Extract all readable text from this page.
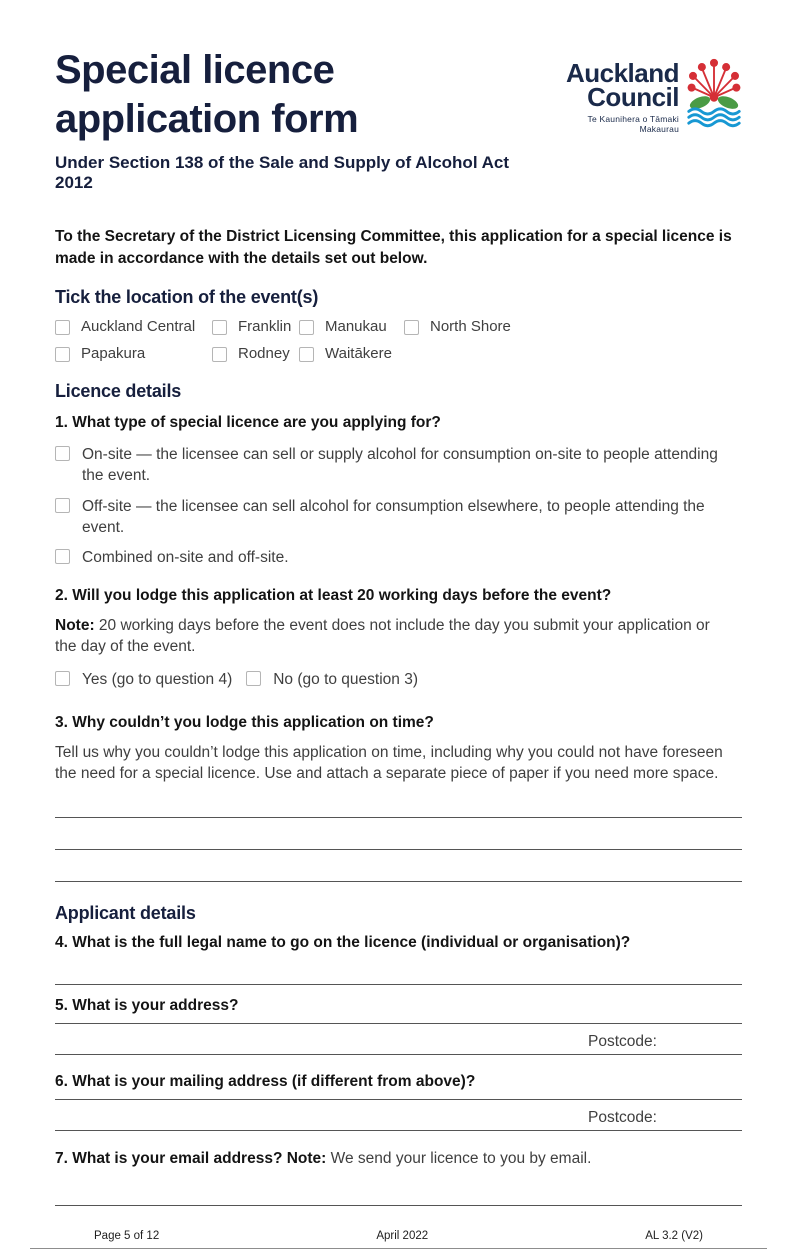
Special licence
application form
Under Section 138 of the Sale and Supply of Alcohol Act 2012
Auckland
Council
Te Kaunihera o Tāmaki Makaurau

To the Secretary of the District Licensing Committee, this application for a special licence is made in accordance with the details set out below.

Tick the location of the event(s)
Auckland Central	Franklin Manukau	North Shore
Papakura	Rodney Waitākere
Licence details

1. What type of special licence are you applying for?

On-site — the licensee can sell or supply alcohol for consumption on-site to people attending the event.
Off-site — the licensee can sell alcohol for consumption elsewhere, to people attending the event.
Combined on-site and off-site.

2. Will you lodge this application at least 20 working days before the event?

Note: 20 working days before the event does not include the day you submit your application or the day of the event.

Yes (go to question 4)	No (go to question 3)

3. Why couldn’t you lodge this application on time?

Tell us why you couldn’t lodge this application on time, including why you could not have foreseen the need for a special licence. Use and attach a separate piece of paper if you need more space.

Applicant details

4. What is the full legal name to go on the licence (individual or organisation)?

5. What is your address?

Postcode:

6. What is your mailing address (if different from above)?

Postcode:

7. What is your email address? Note: We send your licence to you by email.

Page 5 of 12	April 2022	AL 3.2 (V2)
